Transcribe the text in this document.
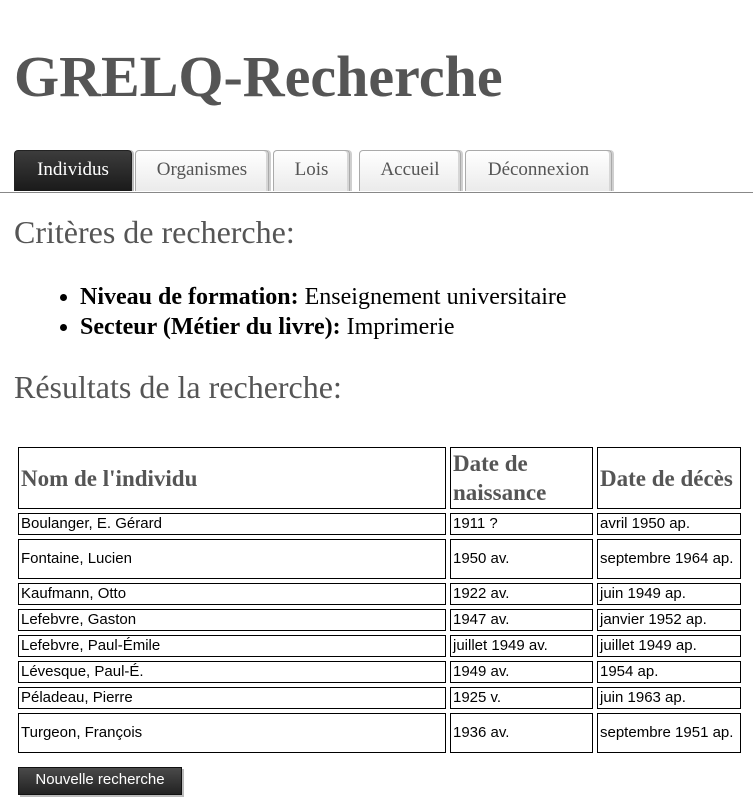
GRELQ-Recherche
Individus	Organismes	Lois	Accueil	Déconnexion
Critères de recherche:
• Niveau de formation: Enseignement universitaire
• Secteur (Métier du livre): Imprimerie
Résultats de la recherche:
Nom de l'individu	Date de naissance	Date de décès
Boulanger, E. Gérard	1911 ?	avril 1950 ap.
Fontaine, Lucien	1950 av.	septembre 1964 ap.
Kaufmann, Otto	1922 av.	juin 1949 ap.
Lefebvre, Gaston	1947 av.	janvier 1952 ap.
Lefebvre, Paul-Émile	juillet 1949 av.	juillet 1949 ap.
Lévesque, Paul-É.	1949 av.	1954 ap.
Péladeau, Pierre	1925 v.	juin 1963 ap.
Turgeon, François	1936 av.	septembre 1951 ap.
Nouvelle recherche
